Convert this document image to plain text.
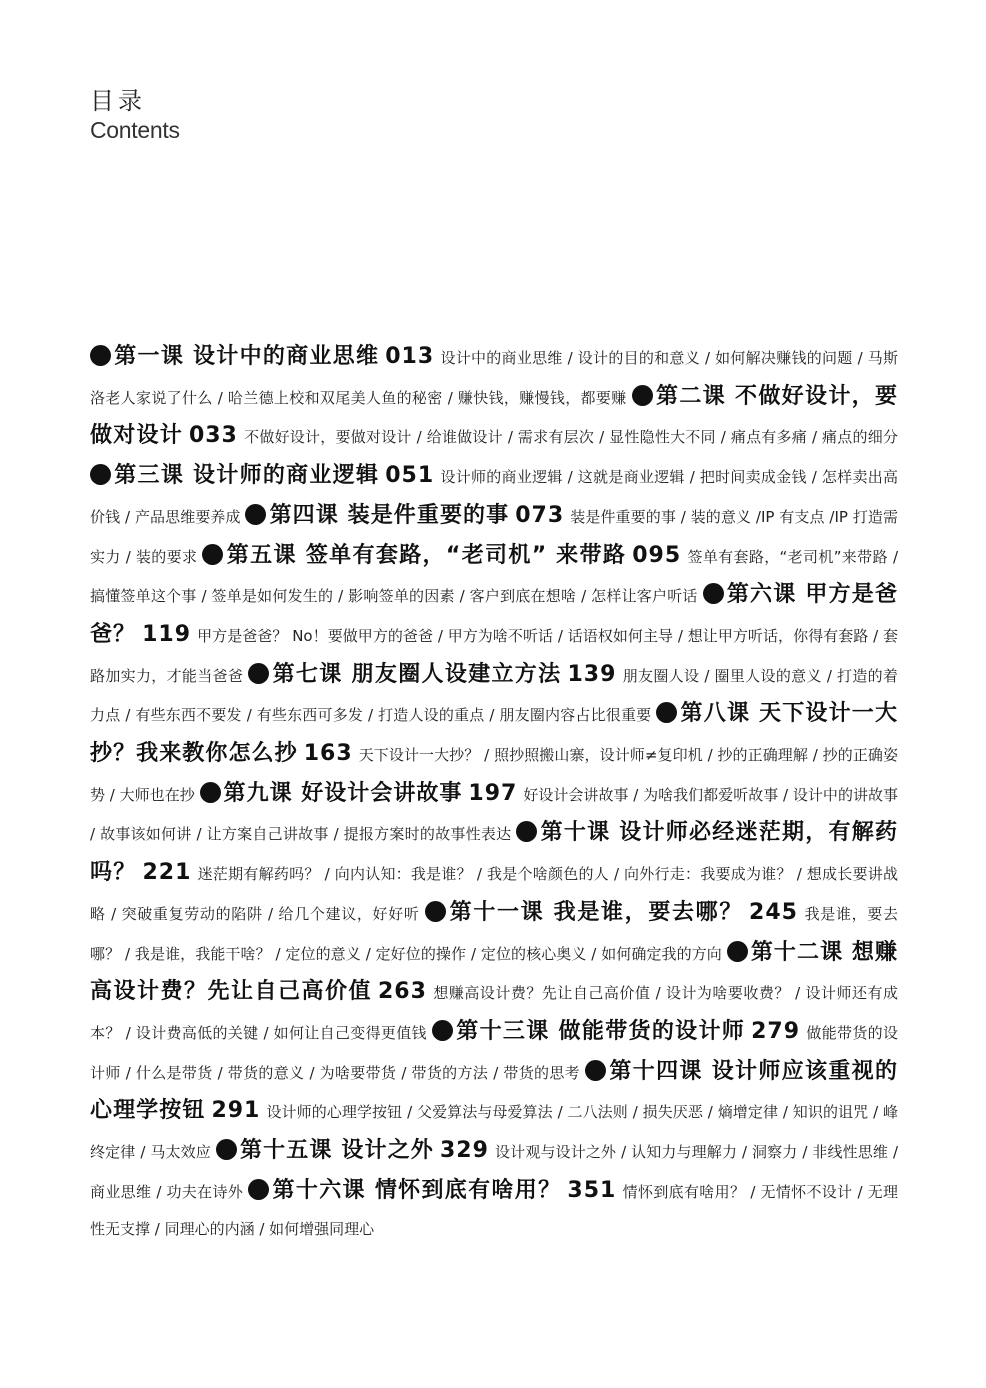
目录
Contents
第一课 设计中的商业思维 013 设计中的商业思维 / 设计的目的和意义 / 如何解决赚钱的问题 / 马斯洛老人家说了什么 / 哈兰德上校和双尾美人鱼的秘密 / 赚快钱，赚慢钱，都要赚 第二课 不做好设计，要做对设计 033 不做好设计，要做对设计 / 给谁做设计 / 需求有层次 / 显性隐性大不同 / 痛点有多痛 / 痛点的细分 第三课 设计师的商业逻辑 051 设计师的商业逻辑 / 这就是商业逻辑 / 把时间卖成金钱 / 怎样卖出高价钱 / 产品思维要养成 第四课 装是件重要的事 073 装是件重要的事 / 装的意义 /IP 有支点 /IP 打造需实力 / 装的要求 第五课 签单有套路，“老司机” 来带路 095 签单有套路，“老司机”来带路 / 搞懂签单这个事 / 签单是如何发生的 / 影响签单的因素 / 客户到底在想啥 / 怎样让客户听话 第六课 甲方是爸爸？ 119 甲方是爸爸？ No！要做甲方的爸爸 / 甲方为啥不听话 / 话语权如何主导 / 想让甲方听话，你得有套路 / 套路加实力，才能当爸爸 第七课 朋友圈人设建立方法 139 朋友圈人设 / 圈里人设的意义 / 打造的着力点 / 有些东西不要发 / 有些东西可多发 / 打造人设的重点 / 朋友圈内容占比很重要 第八课 天下设计一大抄？我来教你怎么抄 163 天下设计一大抄？ / 照抄照搬山寨，设计师≠复印机 / 抄的正确理解 / 抄的正确姿势 / 大师也在抄 第九课 好设计会讲故事 197 好设计会讲故事 / 为啥我们都爱听故事 / 设计中的讲故事 / 故事该如何讲 / 让方案自己讲故事 / 提报方案时的故事性表达 第十课 设计师必经迷茫期，有解药吗？ 221 迷茫期有解药吗？ / 向内认知：我是谁？ / 我是个啥颜色的人 / 向外行走：我要成为谁？ / 想成长要讲战略 / 突破重复劳动的陷阱 / 给几个建议，好好听 第十一课 我是谁，要去哪？ 245 我是谁，要去哪？ / 我是谁，我能干啥？ / 定位的意义 / 定好位的操作 / 定位的核心奥义 / 如何确定我的方向 第十二课 想赚高设计费？先让自己高价值 263 想赚高设计费？先让自己高价值 / 设计为啥要收费？ / 设计师还有成本？ / 设计费高低的关键 / 如何让自己变得更值钱 第十三课 做能带货的设计师 279 做能带货的设计师 / 什么是带货 / 带货的意义 / 为啥要带货 / 带货的方法 / 带货的思考 第十四课 设计师应该重视的心理学按钮 291 设计师的心理学按钮 / 父爱算法与母爱算法 / 二八法则 / 损失厌恶 / 熵增定律 / 知识的诅咒 / 峰终定律 / 马太效应 第十五课 设计之外 329 设计观与设计之外 / 认知力与理解力 / 洞察力 / 非线性思维 / 商业思维 / 功夫在诗外 第十六课 情怀到底有啥用？ 351 情怀到底有啥用？ / 无情怀不设计 / 无理性无支撑 / 同理心的内涵 / 如何增强同理心
